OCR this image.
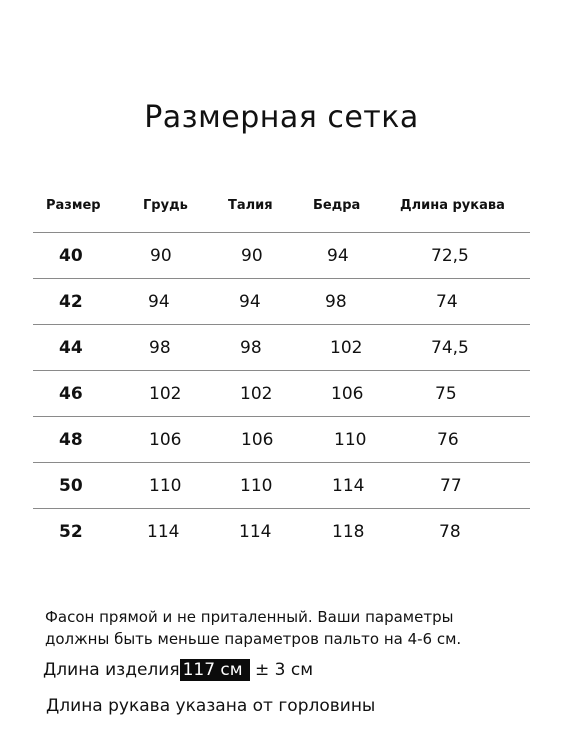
Размерная сетка
Размер	Грудь	Талия	Бедра	Длина рукава
40	90	90	94	72,5
42	94	94	98	74
44	98	98	102	74,5
46	102	102	106	75
48	106	106	110	76
50	110	110	114	77
52	114	114	118	78
Фасон прямой и не приталенный. Ваши параметры
должны быть меньше параметров пальто на 4-6 см.
Длина изделия 117 см ± 3 см
Длина рукава указана от горловины
